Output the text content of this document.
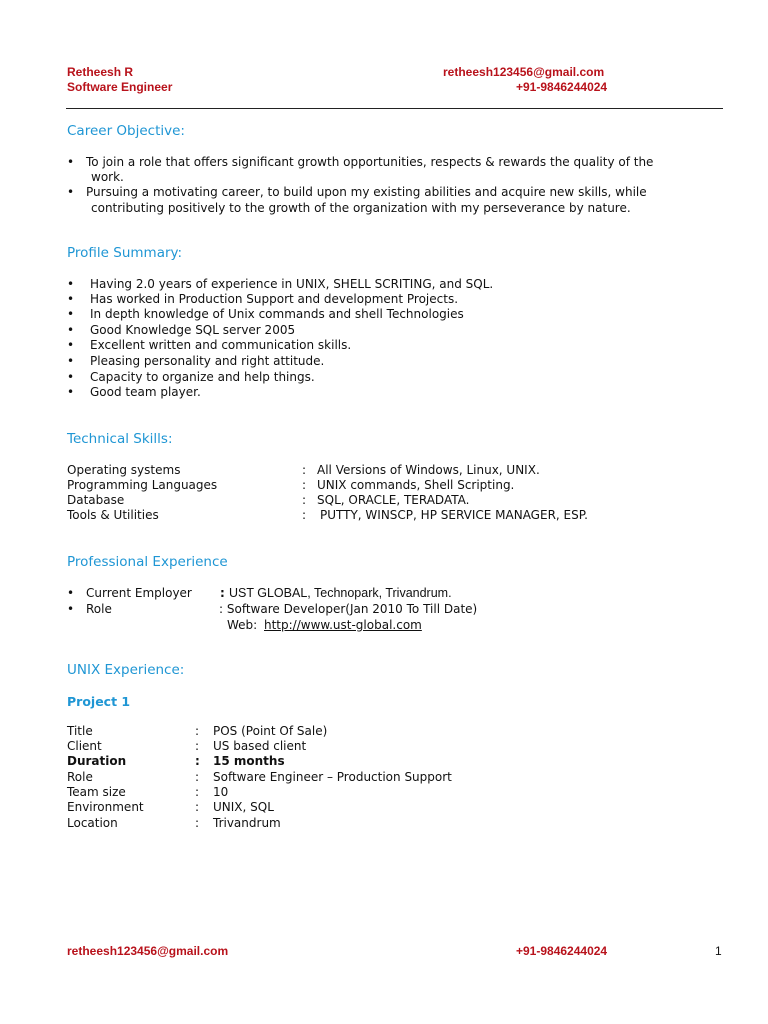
Retheesh R
Software Engineer
retheesh123456@gmail.com
+91-9846244024
Career Objective:
• To join a role that offers significant growth opportunities, respects & rewards the quality of the
work.
• Pursuing a motivating career, to build upon my existing abilities and acquire new skills, while
contributing positively to the growth of the organization with my perseverance by nature.
Profile Summary:
• Having 2.0 years of experience in UNIX, SHELL SCRITING, and SQL.
• Has worked in Production Support and development Projects.
• In depth knowledge of Unix commands and shell Technologies
• Good Knowledge SQL server 2005
• Excellent written and communication skills.
• Pleasing personality and right attitude.
• Capacity to organize and help things.
• Good team player.
Technical Skills:
Operating systems	: All Versions of Windows, Linux, UNIX.
Programming Languages	: UNIX commands, Shell Scripting.
Database	: SQL, ORACLE, TERADATA.
Tools & Utilities	: PUTTY, WINSCP, HP SERVICE MANAGER, ESP.
Professional Experience
• Current Employer : UST GLOBAL, Technopark, Trivandrum.
• Role	: Software Developer(Jan 2010 To Till Date)
Web: http://www.ust-global.com
UNIX Experience:
Project 1
Title	: POS (Point Of Sale)
Client	: US based client
Duration	: 15 months
Role	: Software Engineer – Production Support
Team size	: 10
Environment	: UNIX, SQL
Location	: Trivandrum
retheesh123456@gmail.com	+91-9846244024	1
